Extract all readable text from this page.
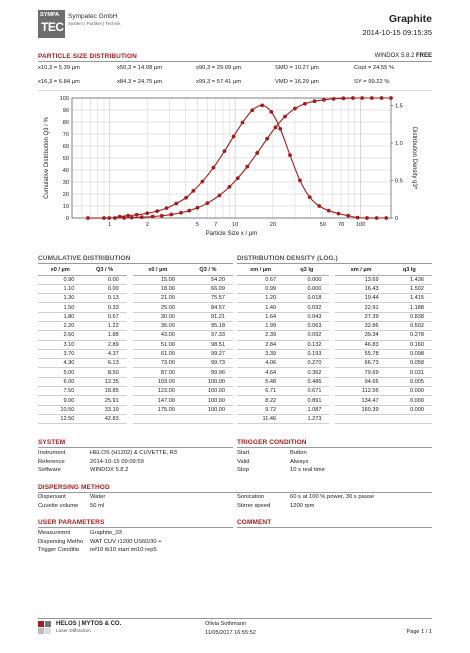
SYMPA
TEC
Sympatec GmbH
System | Partikel | Technik	Graphite
2014-10-15 09:15:35
PARTICLE SIZE DISTRIBUTION	WINDOX 5.8.2 FREE
x10,3 = 5.39 µm	x50,3 = 14.08 µm	x90,3 = 29.09 µm	SMD = 10.27 µm	Copt = 24.55 %
x16,3 = 6.84 µm	x84,3 = 24.75 µm	x99,3 = 57.41 µm	VMD = 16.29 µm	SY = 99.22 %
0
10
20
30
40
50
60
70
80
90
100
0
0.5
1.0
1.5
1	2	5	7	10	20	50 70 100
Cumulative Distribution Q3 / %	Distribution Density q3*
Particle Size x / µm
CUMULATIVE DISTRIBUTION
x0 / µm	Q3 / %		x0 / µm	Q3 / %
0.90	0.00		15.00	54.20
1.10	0.00		18.00	66.09
1.30	0.13		21.00	75.57
1.50	0.33		25.00	84.57
1.80	0.67		30.00	91.21
2.20	1.22		36.00	95.18
2.60	1.88		43.00	97.33
3.10	2.89		51.00	98.51
3.70	4.37		61.00	99.27
4.30	6.13		73.00	99.73
5.00	8.50		87.00	99.96
6.00	12.35		103.00	100.00
7.50	18.85		123.00	100.00
9.00	25.91		147.00	100.00
10.50	33.19		175.00	100.00
12.50	42.83			
DISTRIBUTION DENSITY (LOG.)
xm / µm	q3 lg		xm / µm	q3 lg
0.67	0.000		13.69	1.436
0.99	0.000		16.43	1.502
1.20	0.018		19.44	1.415
1.40	0.032		22.91	1.188
1.64	0.043		27.39	0.838
1.99	0.063		32.86	0.502
2.39	0.092		39.34	0.278
2.84	0.132		46.83	0.160
3.39	0.193		55.78	0.098
4.06	0.270		66.73	0.058
4.64	0.362		79.69	0.031
5.48	0.486		94.66	0.005
6.71	0.671		112.56	0.000
8.22	0.891		134.47	0.000
9.72	1.087		160.39	0.000
11.46	1.273			
SYSTEM
Instrument	HELOS (H1202) & CUVETTE, R3
Reference	2014-10-15 09:09:59
Software	WINDOX 5.8.2
TRIGGER CONDITION
Start	Button
Valid	Always
Stop	10 s real time
DISPERSING METHOD
Dispersant	Water
Cuvette volume 50 ml
Sonication	60 s at 100 % power, 30 s pause
Stirrer speed	1200 rpm
USER PARAMETERS
Measuremnt	Graphite_03
Dispersing Metho WAT CUV r1200 US60/30 +
Trigger Conditio ref10 tb10 start mt10 rep5
COMMENT
HELOS | MYTOS & CO.
Laser Diffraction
Olivia Sothmann
11/05/2017 16:55:52	Page 1 / 1
